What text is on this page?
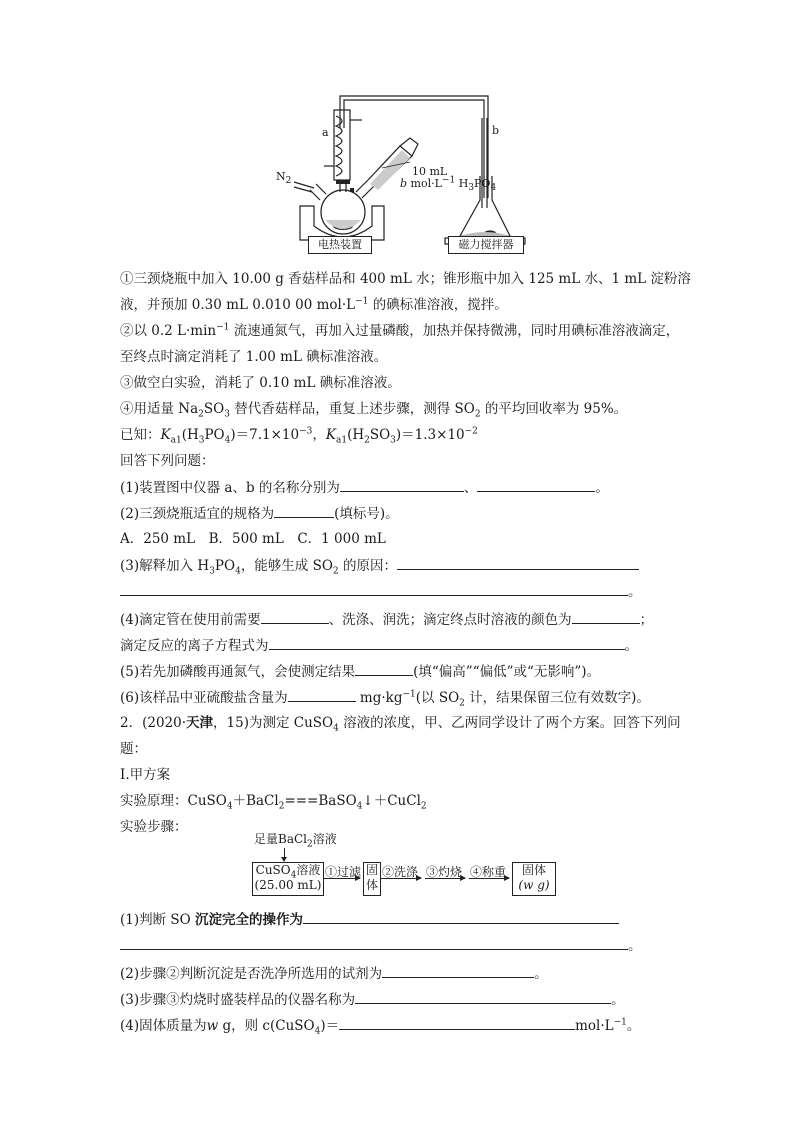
a	b
$N_2$
10 mL
b $mol\cdot L^{-1}$ $H_3PO_4$
电热装置	磁力搅拌器
①三颈烧瓶中加入 10.00 g 香菇样品和 400 mL 水；锥形瓶中加入 125 mL 水、1 mL 淀粉溶
液，并预加 0.30 mL 0.010 00 $mol\cdot L^{-1}$ 的碘标准溶液，搅拌。
②以 0.2 $L\cdot\min^{-1}$ 流速通氮气，再加入过量磷酸，加热并保持微沸，同时用碘标准溶液滴定，
至终点时滴定消耗了 1.00 mL 碘标准溶液。
③做空白实验，消耗了 0.10 mL 碘标准溶液。
④用适量 $Na_2SO_3$ 替代香菇样品，重复上述步骤，测得 $SO_2$ 的平均回收率为 95%。
已知：$K_{a1}(H_3PO_4)=7.1\times 10^{-3}$，$K_{a1}(H_2SO_3)=1.3\times 10^{-2}$
回答下列问题：
(1)装置图中仪器 a、b 的名称分别为	、	。
(2)三颈烧瓶适宜的规格为	(填标号)。
A．250 mL　B．500 mL　C．1 000 mL
(3)解释加入 $H_3PO_4$，能够生成 $SO_2$ 的原因：
。
(4)滴定管在使用前需要	、洗涤、润洗；滴定终点时溶液的颜色为	；
滴定反应的离子方程式为	。
(5)若先加磷酸再通氮气，会使测定结果	(填“偏高”“偏低”或“无影响”)。
(6)该样品中亚硫酸盐含量为	$mg\cdot kg^{-1}$(以 $SO_2$ 计，结果保留三位有效数字)。
2．(2020·天津，15)为测定 CuSO$_4$ 溶液的浓度，甲、乙两同学设计了两个方案。回答下列问
题：
Ⅰ.甲方案
实验原理：CuSO$_4$＋BaCl$_2$===BaSO$_4$↓＋CuCl$_2$
实验步骤：
足量BaCl$_2$溶液
CuSO$_4$溶液
(25.00 mL)
①过滤 固
体
②洗涤 ③灼烧 ④称重	固体
(w g)
(1)判断 SO 沉淀完全的操作为
。
(2)步骤②判断沉淀是否洗净所选用的试剂为	。
(3)步骤③灼烧时盛装样品的仪器名称为	。
(4)固体质量为w g，则 c(CuSO$_4$)＝	$mol\cdot L^{-1}$。
